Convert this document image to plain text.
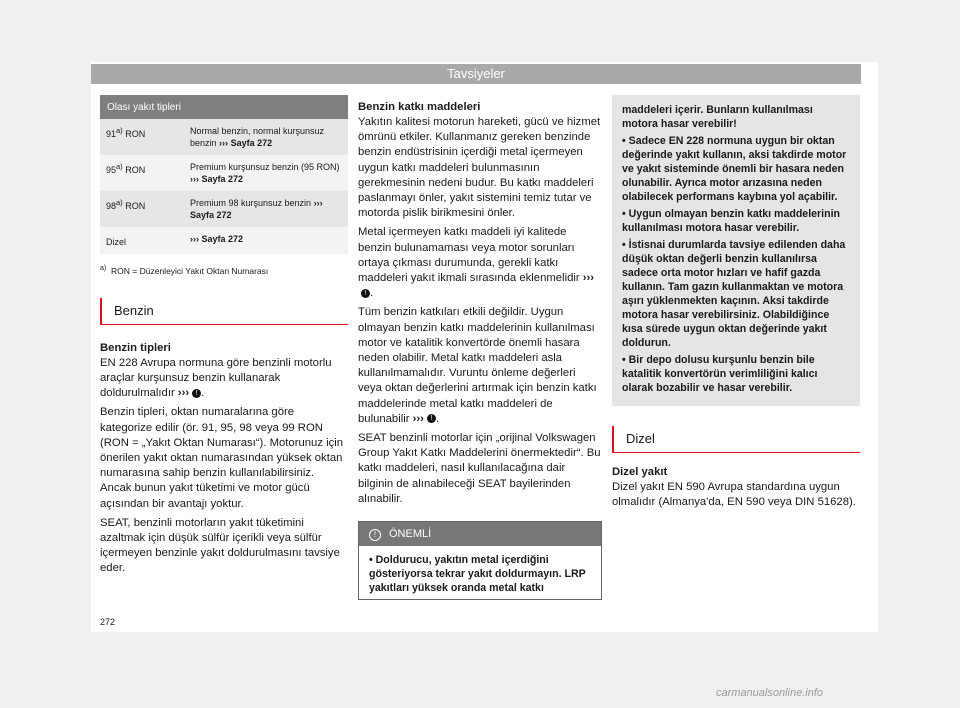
Tavsiyeler
Olası yakıt tipleri	
91$^{a)}$ RON	Normal benzin, normal kurşunsuz benzin ››› Sayfa 272
95$^{a)}$ RON	Premium kurşunsuz benzin (95 RON) ››› Sayfa 272
98$^{a)}$ RON	Premium 98 kurşunsuz benzin ››› Sayfa 272
Dizel	››› Sayfa 272
$^{a)}$ RON = Düzenleyici Yakıt Oktan Numarası
Benzin
Benzin tipleri

EN 228 Avrupa normuna göre benzinli motorlu araçlar kurşunsuz benzin kullanarak doldurulmalıdır ››› ! .

Benzin tipleri, oktan numaralarına göre kategorize edilir (ör. 91, 95, 98 veya 99 RON (RON = „Yakıt Oktan Numarası“). Motorunuz için önerilen yakıt oktan numarasından yüksek oktan numarasına sahip benzin kullanılabilirsiniz. Ancak bunun yakıt tüketimi ve motor gücü açısından bir avantajı yoktur.

SEAT, benzinli motorların yakıt tüketimini azaltmak için düşük sülfür içerikli veya sülfür içermeyen benzinle yakıt doldurulmasını tavsiye eder.

Benzin katkı maddeleri

Yakıtın kalitesi motorun hareketi, gücü ve hizmet ömrünü etkiler. Kullanmanız gereken benzinde benzin endüstrisinin içerdiği metal içermeyen uygun katkı maddeleri bulunmasının gerekmesinin nedeni budur. Bu katkı maddeleri paslanmayı önler, yakıt sistemini temiz tutar ve motorda pislik birikmesini önler.

Metal içermeyen katkı maddeli iyi kalitede benzin bulunamaması veya motor sorunları ortaya çıkması durumunda, gerekli katkı maddeleri yakıt ikmali sırasında eklenmelidir ›››! .

Tüm benzin katkıları etkili değildir. Uygun olmayan benzin katkı maddelerinin kullanılması motor ve katalitik konvertörde önemli hasara neden olabilir. Metal katkı maddeleri asla kullanılmamalıdır. Vuruntu önleme değerleri veya oktan değerlerini artırmak için benzin katkı maddelerinde metal katkı maddeleri de bulunabilir ››› ! .

SEAT benzinli motorlar için „orijinal Volkswagen Group Yakıt Katkı Maddelerini önermektedir“. Bu katkı maddeleri, nasıl kullanılacağına dair bilginin de alınabileceği SEAT bayilerinden alınabilir.

! ÖNEMLİ

• Doldurucu, yakıtın metal içerdiğini gösteriyorsa tekrar yakıt doldurmayın. LRP yakıtları yüksek oranda metal katkı

maddeleri içerir. Bunların kullanılması motora hasar verebilir!

• Sadece EN 228 normuna uygun bir oktan değerinde yakıt kullanın, aksi takdirde motor ve yakıt sisteminde önemli bir hasara neden olunabilir. Ayrıca motor arızasına neden olabilecek performans kaybına yol açabilir.

• Uygun olmayan benzin katkı maddelerinin kullanılması motora hasar verebilir.

• İstisnai durumlarda tavsiye edilenden daha düşük oktan değerli benzin kullanılırsa sadece orta motor hızları ve hafif gazda kullanın. Tam gazın kullanmaktan ve motora aşırı yüklenmekten kaçının. Aksi takdirde motora hasar verebilirsiniz. Olabildiğince kısa sürede uygun oktan değerinde yakıt doldurun.

• Bir depo dolusu kurşunlu benzin bile katalitik konvertörün verimliliğini kalıcı olarak bozabilir ve hasar verebilir.

Dizel
Dizel yakıt

Dizel yakıt EN 590 Avrupa standardına uygun olmalıdır (Almanya'da, EN 590 veya DIN 51628).

272
carmanualsonline.info
